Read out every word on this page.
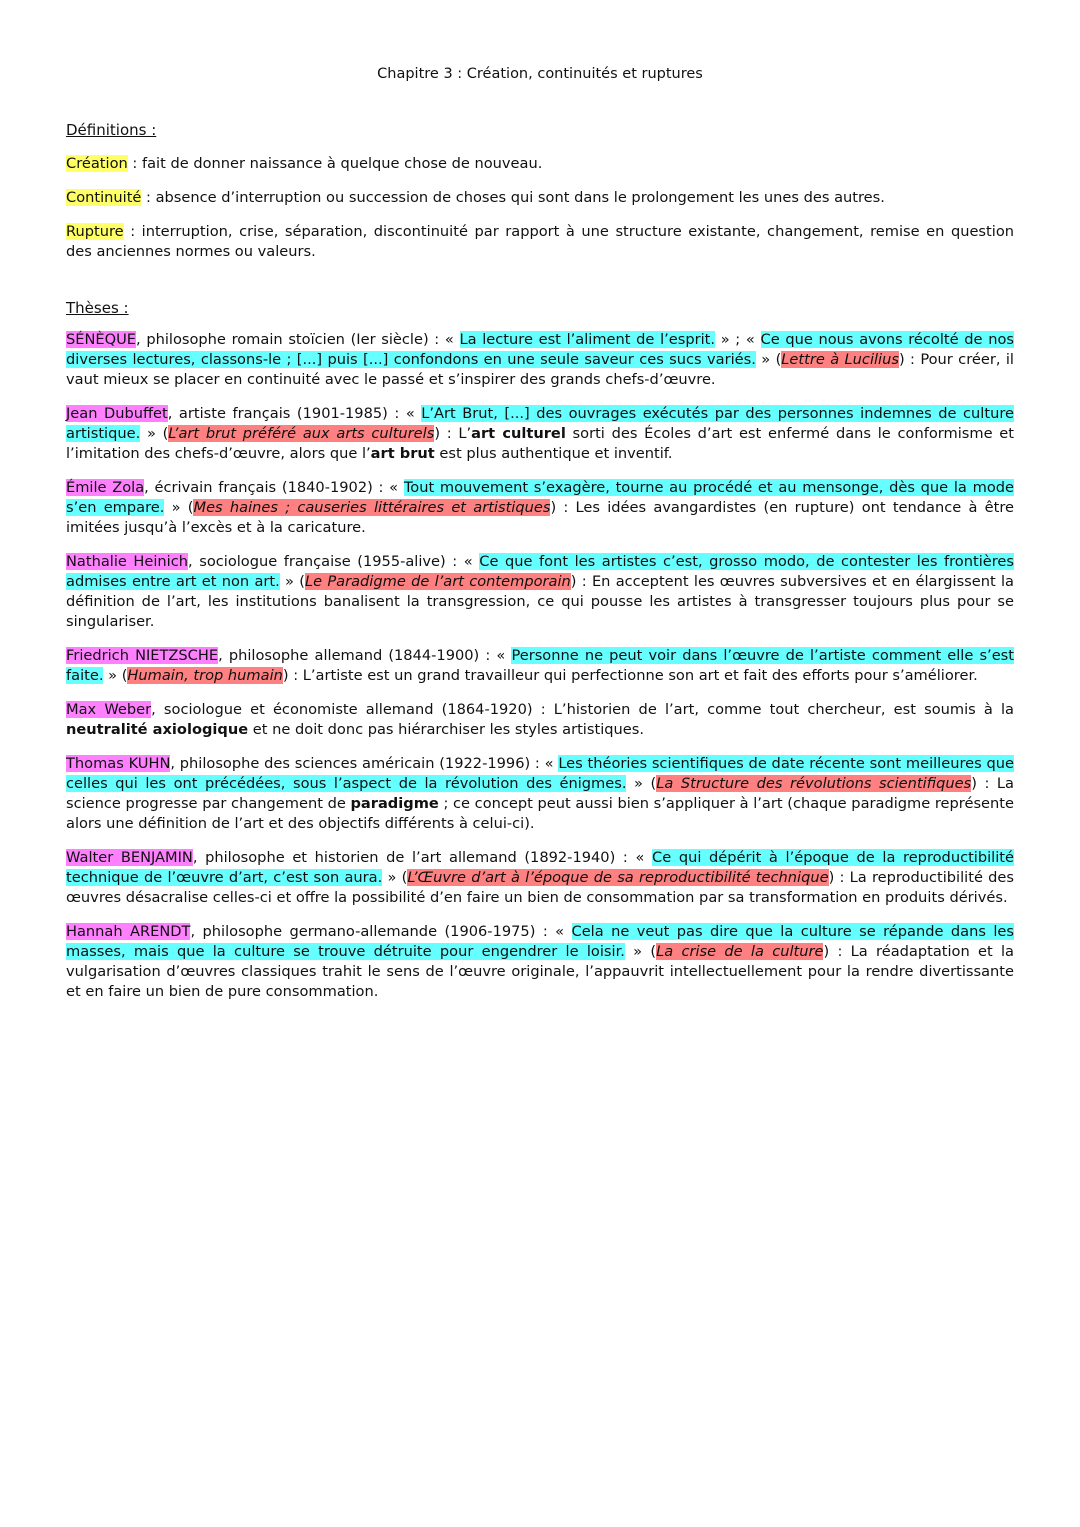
Chapitre 3 : Création, continuités et ruptures

Définitions :

Création : fait de donner naissance à quelque chose de nouveau.

Continuité : absence d’interruption ou succession de choses qui sont dans le prolongement les unes des autres.

Rupture : interruption, crise, séparation, discontinuité par rapport à une structure existante, changement, remise en question des anciennes normes ou valeurs.

Thèses :

SÉNÈQUE, philosophe romain stoïcien (Ier siècle) : « La lecture est l’aliment de l’esprit. » ; « Ce que nous avons récolté de nos diverses lectures, classons-le ; [...] puis [...] confondons en une seule saveur ces sucs variés. » (Lettre à Lucilius) : Pour créer, il vaut mieux se placer en continuité avec le passé et s’inspirer des grands chefs-d’œuvre.

Jean Dubuffet, artiste français (1901-1985) : « L’Art Brut, [...] des ouvrages exécutés par des personnes indemnes de culture artistique. » (L’art brut préféré aux arts culturels) : L’art culturel sorti des Écoles d’art est enfermé dans le conformisme et l’imitation des chefs-d’œuvre, alors que l’art brut est plus authentique et inventif.

Émile Zola, écrivain français (1840-1902) : « Tout mouvement s’exagère, tourne au procédé et au mensonge, dès que la mode s’en empare. » (Mes haines ; causeries littéraires et artistiques) : Les idées avangardistes (en rupture) ont tendance à être imitées jusqu’à l’excès et à la caricature.

Nathalie Heinich, sociologue française (1955-alive) : « Ce que font les artistes c’est, grosso modo, de contester les frontières admises entre art et non art. » (Le Paradigme de l’art contemporain) : En acceptent les œuvres subversives et en élargissent la définition de l’art, les institutions banalisent la transgression, ce qui pousse les artistes à transgresser toujours plus pour se singulariser.

Friedrich NIETZSCHE, philosophe allemand (1844-1900) : « Personne ne peut voir dans l’œuvre de l’artiste comment elle s’est faite. » (Humain, trop humain) : L’artiste est un grand travailleur qui perfectionne son art et fait des efforts pour s’améliorer.

Max Weber, sociologue et économiste allemand (1864-1920) : L’historien de l’art, comme tout chercheur, est soumis à la neutralité axiologique et ne doit donc pas hiérarchiser les styles artistiques.

Thomas KUHN, philosophe des sciences américain (1922-1996) : « Les théories scientifiques de date récente sont meilleures que celles qui les ont précédées, sous l’aspect de la révolution des énigmes. » (La Structure des révolutions scientifiques) : La science progresse par changement de paradigme ; ce concept peut aussi bien s’appliquer à l’art (chaque paradigme représente alors une définition de l’art et des objectifs différents à celui-ci).

Walter BENJAMIN, philosophe et historien de l’art allemand (1892-1940) : « Ce qui dépérit à l’époque de la reproductibilité technique de l’œuvre d’art, c’est son aura. » (L’Œuvre d’art à l’époque de sa reproductibilité technique) : La reproductibilité des œuvres désacralise celles-ci et offre la possibilité d’en faire un bien de consommation par sa transformation en produits dérivés.

Hannah ARENDT, philosophe germano-allemande (1906-1975) : « Cela ne veut pas dire que la culture se répande dans les masses, mais que la culture se trouve détruite pour engendrer le loisir. » (La crise de la culture) : La réadaptation et la vulgarisation d’œuvres classiques trahit le sens de l’œuvre originale, l’appauvrit intellectuellement pour la rendre divertissante et en faire un bien de pure consommation.
